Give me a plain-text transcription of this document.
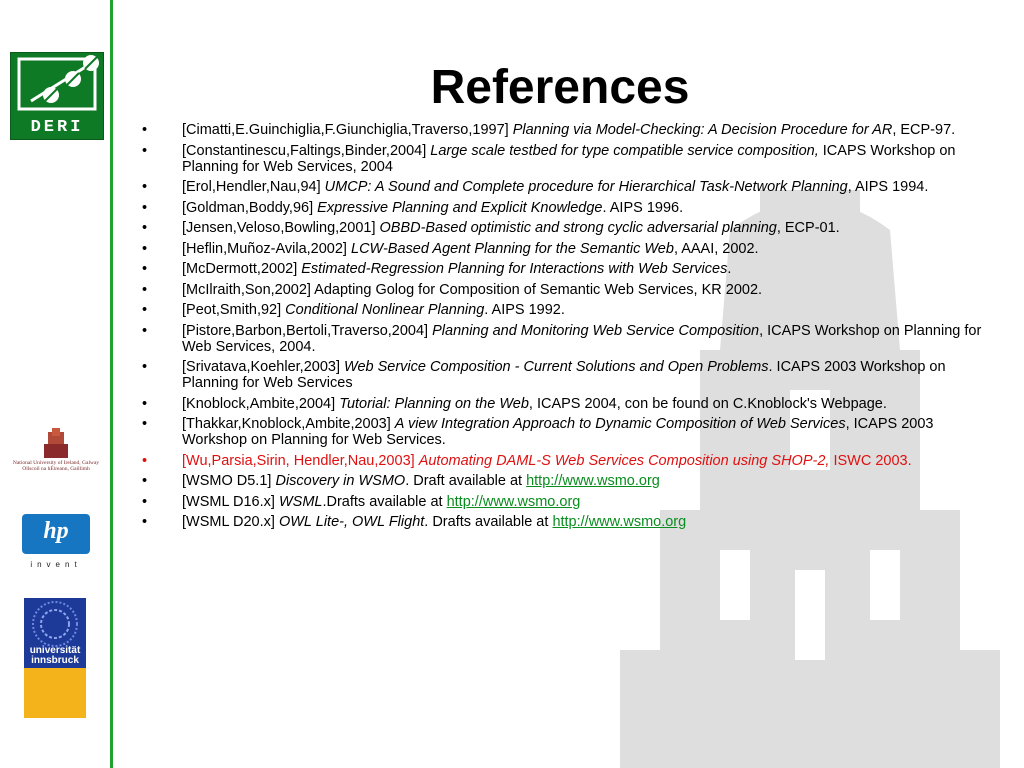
DERI
National University of Ireland, Galway
Ollscoil na hÉireann, Gaillimh
hp
invent
universität innsbruck
References
• [Cimatti,E.Guinchiglia,F.Giunchiglia,Traverso,1997] Planning via Model-Checking: A Decision Procedure for AR, ECP-97.
• [Constantinescu,Faltings,Binder,2004] Large scale testbed for type compatible service composition, ICAPS Workshop on Planning for Web Services, 2004
• [Erol,Hendler,Nau,94] UMCP: A Sound and Complete procedure for Hierarchical Task-Network Planning, AIPS 1994.
• [Goldman,Boddy,96] Expressive Planning and Explicit Knowledge. AIPS 1996.
• [Jensen,Veloso,Bowling,2001] OBBD-Based optimistic and strong cyclic adversarial planning, ECP-01.
• [Heflin,Muñoz-Avila,2002] LCW-Based Agent Planning for the Semantic Web, AAAI, 2002.
• [McDermott,2002] Estimated-Regression Planning for Interactions with Web Services.
• [McIlraith,Son,2002] Adapting Golog for Composition of Semantic Web Services, KR 2002.
• [Peot,Smith,92] Conditional Nonlinear Planning. AIPS 1992.
• [Pistore,Barbon,Bertoli,Traverso,2004] Planning and Monitoring Web Service Composition, ICAPS Workshop on Planning for Web Services, 2004.
• [Srivatava,Koehler,2003] Web Service Composition - Current Solutions and Open Problems. ICAPS 2003 Workshop on Planning for Web Services
• [Knoblock,Ambite,2004] Tutorial: Planning on the Web, ICAPS 2004, con be found on C.Knoblock's Webpage.
• [Thakkar,Knoblock,Ambite,2003] A view Integration Approach to Dynamic Composition of Web Services, ICAPS 2003 Workshop on Planning for Web Services.
• [Wu,Parsia,Sirin, Hendler,Nau,2003] Automating DAML-S Web Services Composition using SHOP-2, ISWC 2003.
• [WSMO D5.1] Discovery in WSMO. Draft available at http://www.wsmo.org
• [WSML D16.x] WSML.Drafts available at http://www.wsmo.org
• [WSML D20.x] OWL Lite-, OWL Flight. Drafts available at http://www.wsmo.org
